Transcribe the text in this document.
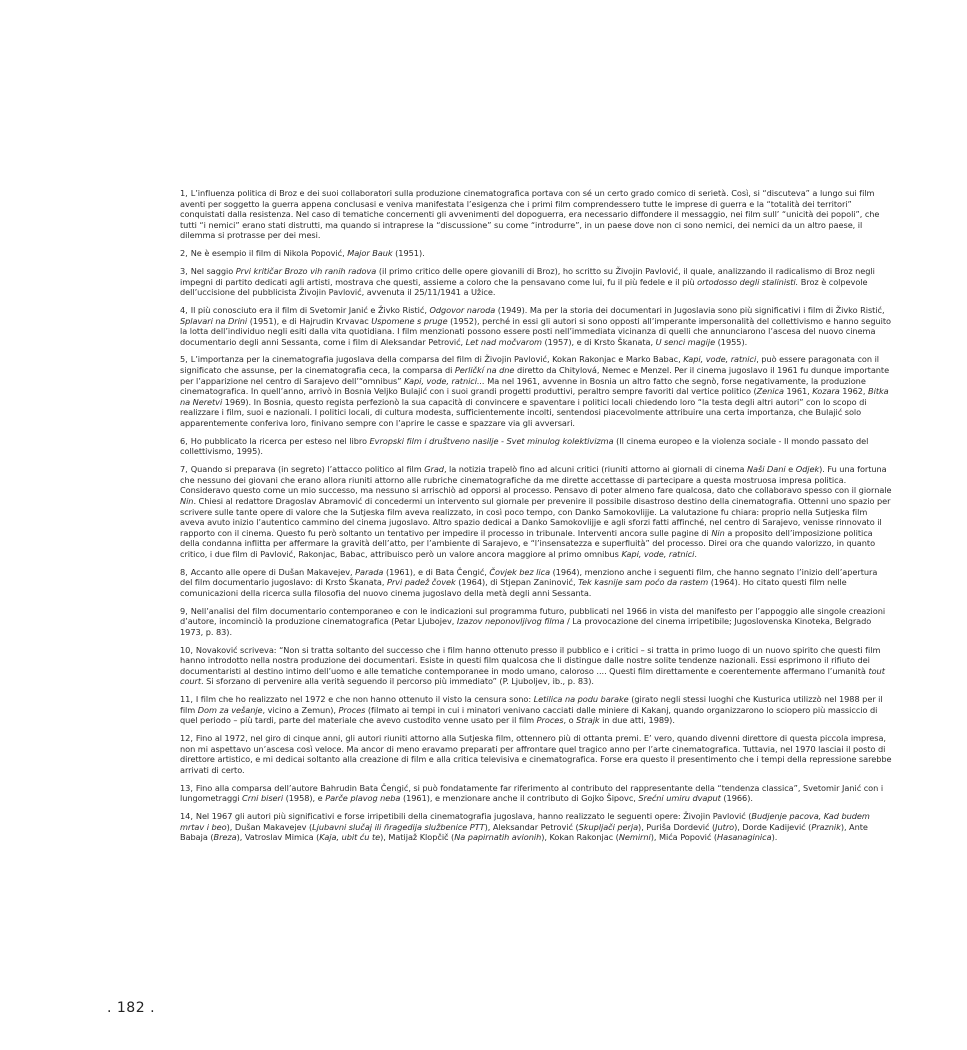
1, L’influenza politica di Broz e dei suoi collaboratori sulla produzione cinematografica portava con sé un certo grado comico di serietà. Così, si “discuteva” a lungo sui film aventi per soggetto la guerra appena conclusasi e veniva manifestata l’esigenza che i primi film comprendessero tutte le imprese di guerra e la “totalità dei territori” conquistati dalla resistenza. Nel caso di tematiche concernenti gli avvenimenti del dopoguerra, era necessario diffondere il messaggio, nei film sull’ “unicità dei popoli”, che tutti “i nemici” erano stati distrutti, ma quando si intraprese la “discussione” su come “introdurre”, in un paese dove non ci sono nemici, dei nemici da un altro paese, il dilemma si protrasse per dei mesi.

2, Ne è esempio il film di Nikola Popović, Major Bauk (1951).

3, Nel saggio Prvi kritičar Brozo vih ranih radova (il primo critico delle opere giovanili di Broz), ho scritto su Živojin Pavlović, il quale, analizzando il radicalismo di Broz negli impegni di partito dedicati agli artisti, mostrava che questi, assieme a coloro che la pensavano come lui, fu il più fedele e il più ortodosso degli stalinisti. Broz è colpevole dell’uccisione del pubblicista Živojin Pavlović, avvenuta il 25/11/1941 a Užice.

4, Il più conosciuto era il film di Svetomir Janić e Živko Ristić, Odgovor naroda (1949). Ma per la storia dei documentari in Jugoslavia sono più significativi i film di Živko Ristić, Splavari na Drini (1951), e di Hajrudin Krvavac Uspomene s pruge (1952), perché in essi gli autori si sono opposti all’imperante impersonalità del collettivismo e hanno seguito la lotta dell’individuo negli esiti dalla vita quotidiana. I film menzionati possono essere posti nell’immediata vicinanza di quelli che annunciarono l’ascesa del nuovo cinema documentario degli anni Sessanta, come i film di Aleksandar Petrović, Let nad močvarom (1957), e di Krsto Škanata, U senci magije (1955).

5, L’importanza per la cinematografia jugoslava della comparsa del film di Živojin Pavlović, Kokan Rakonjac e Marko Babac, Kapi, vode, ratnici, può essere paragonata con il significato che assunse, per la cinematografia ceca, la comparsa di Perličkí na dne diretto da Chitylová, Nemec e Menzel. Per il cinema jugoslavo il 1961 fu dunque importante per l’apparizione nel centro di Sarajevo dell’“omnibus” Kapi, vode, ratnici... Ma nel 1961, avvenne in Bosnia un altro fatto che segnò, forse negativamente, la produzione cinematografica. In quell’anno, arrivò in Bosnia Veljko Bulajić con i suoi grandi progetti produttivi, peraltro sempre favoriti dal vertice politico (Zenica 1961, Kozara 1962, Bitka na Neretvi 1969). In Bosnia, questo regista perfezionò la sua capacità di convincere e spaventare i politici locali chiedendo loro “la testa degli altri autori” con lo scopo di realizzare i film, suoi e nazionali. I politici locali, di cultura modesta, sufficientemente incolti, sentendosi piacevolmente attribuire una certa importanza, che Bulajić solo apparentemente conferiva loro, finivano sempre con l’aprire le casse e spazzare via gli avversari.

6, Ho pubblicato la ricerca per esteso nel libro Evropski film i društveno nasilje - Svet minulog kolektivizma (Il cinema europeo e la violenza sociale - Il mondo passato del collettivismo, 1995).

7, Quando si preparava (in segreto) l’attacco politico al film Grad, la notizia trapelò fino ad alcuni critici (riuniti attorno ai giornali di cinema Naši Dani e Odjek). Fu una fortuna che nessuno dei giovani che erano allora riuniti attorno alle rubriche cinematografiche da me dirette accettasse di partecipare a questa mostruosa impresa politica. Consideravo questo come un mio successo, ma nessuno si arrischiò ad opporsi al processo. Pensavo di poter almeno fare qualcosa, dato che collaboravo spesso con il giornale Nin. Chiesi al redattore Dragoslav Abramović di concedermi un intervento sul giornale per prevenire il possibile disastroso destino della cinematografia. Ottenni uno spazio per scrivere sulle tante opere di valore che la Sutjeska film aveva realizzato, in così poco tempo, con Danko Samokovlijje. La valutazione fu chiara: proprio nella Sutjeska film aveva avuto inizio l’autentico cammino del cinema jugoslavo. Altro spazio dedicai a Danko Samokovlijje e agli sforzi fatti affinché, nel centro di Sarajevo, venisse rinnovato il rapporto con il cinema. Questo fu però soltanto un tentativo per impedire il processo in tribunale. Interventi ancora sulle pagine di Nin a proposito dell’imposizione politica della condanna inflitta per affermare la gravità dell’atto, per l’ambiente di Sarajevo, e “l’insensatezza e superfluità” del processo. Direi ora che quando valorizzo, in quanto critico, i due film di Pavlović, Rakonjac, Babac, attribuisco però un valore ancora maggiore al primo omnibus Kapi, vode, ratnici.

8, Accanto alle opere di Dušan Makavejev, Parada (1961), e di Bata Čengić, Čovjek bez lica (1964), menziono anche i seguenti film, che hanno segnato l’inizio dell’apertura del film documentario jugoslavo: di Krsto Škanata, Prvi padež čovek (1964), di Stjepan Zaninović, Tek kasnije sam poćo da rastem (1964). Ho citato questi film nelle comunicazioni della ricerca sulla filosofia del nuovo cinema jugoslavo della metà degli anni Sessanta.

9, Nell’analisi del film documentario contemporaneo e con le indicazioni sul programma futuro, pubblicati nel 1966 in vista del manifesto per l’appoggio alle singole creazioni d’autore, incominciò la produzione cinematografica (Petar Ljubojev, Izazov neponovljivog filma / La provocazione del cinema irripetibile; Jugoslovenska Kinoteka, Belgrado 1973, p. 83).

10, Novaković scriveva: “Non si tratta soltanto del successo che i film hanno ottenuto presso il pubblico e i critici – si tratta in primo luogo di un nuovo spirito che questi film hanno introdotto nella nostra produzione dei documentari. Esiste in questi film qualcosa che li distingue dalle nostre solite tendenze nazionali. Essi esprimono il rifiuto dei documentaristi al destino intimo dell’uomo e alle tematiche contemporanee in modo umano, caloroso .... Questi film direttamente e coerentemente affermano l’umanità tout court. Si sforzano di pervenire alla verità seguendo il percorso più immediato” (P. Ljuboljev, ib., p. 83).

11, I film che ho realizzato nel 1972 e che non hanno ottenuto il visto la censura sono: Letilica na podu barake (girato negli stessi luoghi che Kusturica utilizzò nel 1988 per il film Dom za vešanje, vicino a Zemun), Proces (filmato ai tempi in cui i minatori venivano cacciati dalle miniere di Kakanj, quando organizzarono lo sciopero più massiccio di quel periodo – più tardi, parte del materiale che avevo custodito venne usato per il film Proces, o Strajk in due atti, 1989).

12, Fino al 1972, nel giro di cinque anni, gli autori riuniti attorno alla Sutjeska film, ottennero più di ottanta premi. E’ vero, quando divenni direttore di questa piccola impresa, non mi aspettavo un’ascesa così veloce. Ma ancor di meno eravamo preparati per affrontare quel tragico anno per l’arte cinematografica. Tuttavia, nel 1970 lasciai il posto di direttore artistico, e mi dedicai soltanto alla creazione di film e alla critica televisiva e cinematografica. Forse era questo il presentimento che i tempi della repressione sarebbe arrivati di certo.

13, Fino alla comparsa dell’autore Bahrudin Bata Čengić, si può fondatamente far riferimento al contributo del rappresentante della “tendenza classica”, Svetomir Janić con i lungometraggi Crni biseri (1958), e Parče plavog neba (1961), e menzionare anche il contributo di Gojko Šipovc, Srećni umiru dvaput (1966).

14, Nel 1967 gli autori più significativi e forse irripetibili della cinematografia jugoslava, hanno realizzato le seguenti opere: Živojin Pavlović (Budjenje pacova, Kad budem mrtav i beo), Dušan Makavejev (Ljubavni slučaj ili ñragedija službenice PTT), Aleksandar Petrović (Skupljači perja), Puriša Dordević (Jutro), Dorde Kadijević (Praznik), Ante Babaja (Breza), Vatroslav Mimica (Kaja, ubit ću te), Matijaž Klopčič (Na papirnatih avionih), Kokan Rakonjac (Nemirni), Mića Popović (Hasanaginica).

. 182 .
